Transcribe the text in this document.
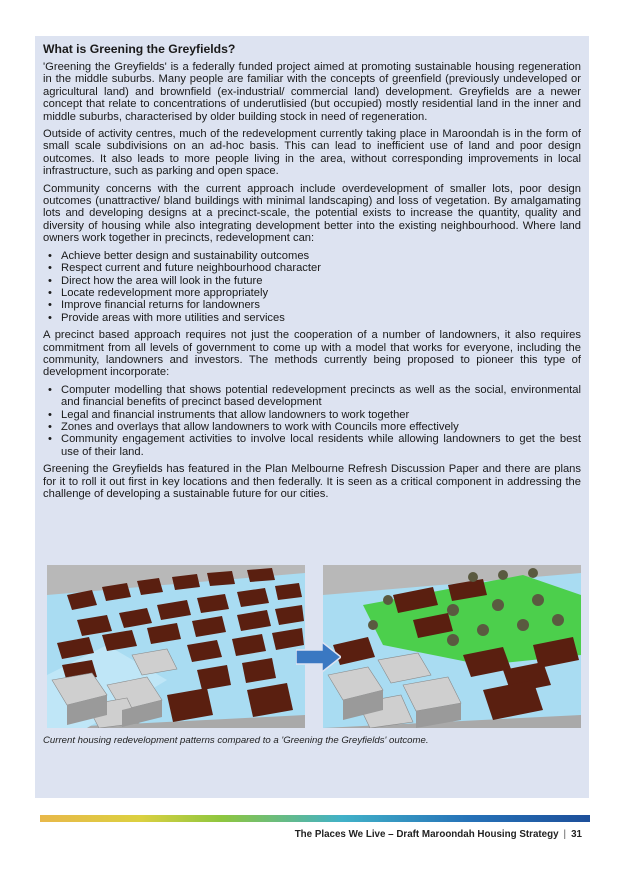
What is Greening the Greyfields?

'Greening the Greyfields' is a federally funded project aimed at promoting sustainable housing regeneration in the middle suburbs. Many people are familiar with the concepts of greenfield (previously undeveloped or agricultural land) and brownfield (ex-industrial/ commercial land) development. Greyfields are a newer concept that relate to concentrations of underutlisied (but occupied) mostly residential land in the inner and middle suburbs, characterised by older building stock in need of regeneration.

Outside of activity centres, much of the redevelopment currently taking place in Maroondah is in the form of small scale subdivisions on an ad-hoc basis. This can lead to inefficient use of land and poor design outcomes. It also leads to more people living in the area, without corresponding improvements in local infrastructure, such as parking and open space.

Community concerns with the current approach include overdevelopment of smaller lots, poor design outcomes (unattractive/ bland buildings with minimal landscaping) and loss of vegetation. By amalgamating lots and developing designs at a precinct-scale, the potential exists to increase the quantity, quality and diversity of housing while also integrating development better into the existing neighbourhood. Where land owners work together in precincts, redevelopment can:

• Achieve better design and sustainability outcomes
• Respect current and future neighbourhood character
• Direct how the area will look in the future
• Locate redevelopment more appropriately
• Improve financial returns for landowners
• Provide areas with more utilities and services

A precinct based approach requires not just the cooperation of a number of landowners, it also requires commitment from all levels of government to come up with a model that works for everyone, including the community, landowners and investors. The methods currently being proposed to pioneer this type of development incorporate:

• Computer modelling that shows potential redevelopment precincts as well as the social, environmental and financial benefits of precinct based development
• Legal and financial instruments that allow landowners to work together
• Zones and overlays that allow landowners to work with Councils more effectively
• Community engagement activities to involve local residents while allowing landowners to get the best use of their land.

Greening the Greyfields has featured in the Plan Melbourne Refresh Discussion Paper and there are plans for it to roll it out first in key locations and then federally. It is seen as a critical component in addressing the challenge of developing a sustainable future for our cities.

Current housing redevelopment patterns compared to a 'Greening the Greyfields' outcome.
The Places We Live – Draft Maroondah Housing Strategy | 31
